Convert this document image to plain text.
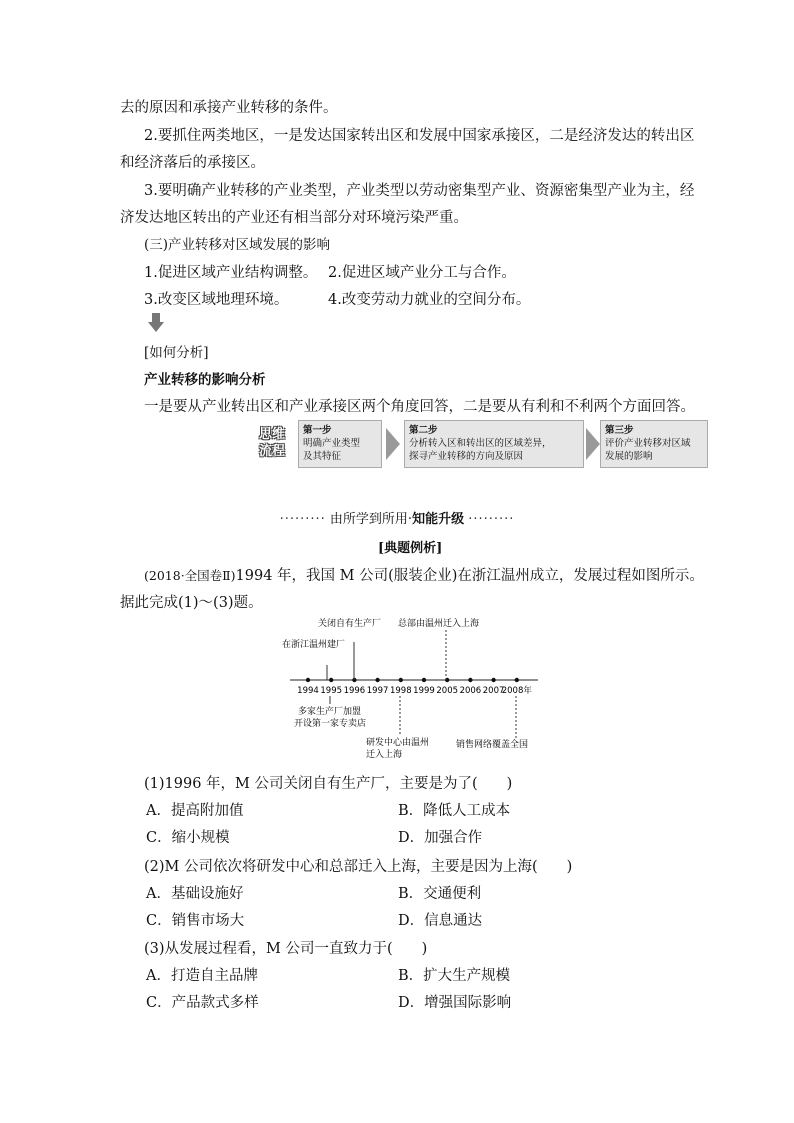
去的原因和承接产业转移的条件。
2.要抓住两类地区，一是发达国家转出区和发展中国家承接区，二是经济发达的转出区
和经济落后的承接区。
3.要明确产业转移的产业类型，产业类型以劳动密集型产业、资源密集型产业为主，经
济发达地区转出的产业还有相当部分对环境污染严重。
(三)产业转移对区域发展的影响
1.促进区域产业结构调整。 2.促进区域产业分工与合作。
3.改变区域地理环境。	4.改变劳动力就业的空间分布。
[如何分析]
产业转移的影响分析
一是要从产业转出区和产业承接区两个角度回答，二是要从有利和不利两个方面回答。
思维
流程
第一步
明确产业类型
及其特征
第二步
分析转入区和转出区的区域差异，
探寻产业转移的方向及原因
第三步
评价产业转移对区域
发展的影响
········· 由所学到所用·知能升级 ·········
[典题例析]
(2018·全国卷Ⅱ)1994 年，我国 M 公司(服装企业)在浙江温州成立，发展过程如图所示。
据此完成(1)～(3)题。
1994 1995 1996 1997 1998 1999 2005 2006 2007
2008年
关闭自有生产厂 总部由温州迁入上海
在浙江温州建厂
多家生产厂加盟
开设第一家专卖店
研发中心由温州
迁入上海
销售网络覆盖全国
(1)1996 年，M 公司关闭自有生产厂，主要是为了(　　)
A．提高附加值	B．降低人工成本
C．缩小规模	D．加强合作
(2)M 公司依次将研发中心和总部迁入上海，主要是因为上海(　　)
A．基础设施好	B．交通便利
C．销售市场大	D．信息通达
(3)从发展过程看，M 公司一直致力于(　　)
A．打造自主品牌	B．扩大生产规模
C．产品款式多样	D．增强国际影响
